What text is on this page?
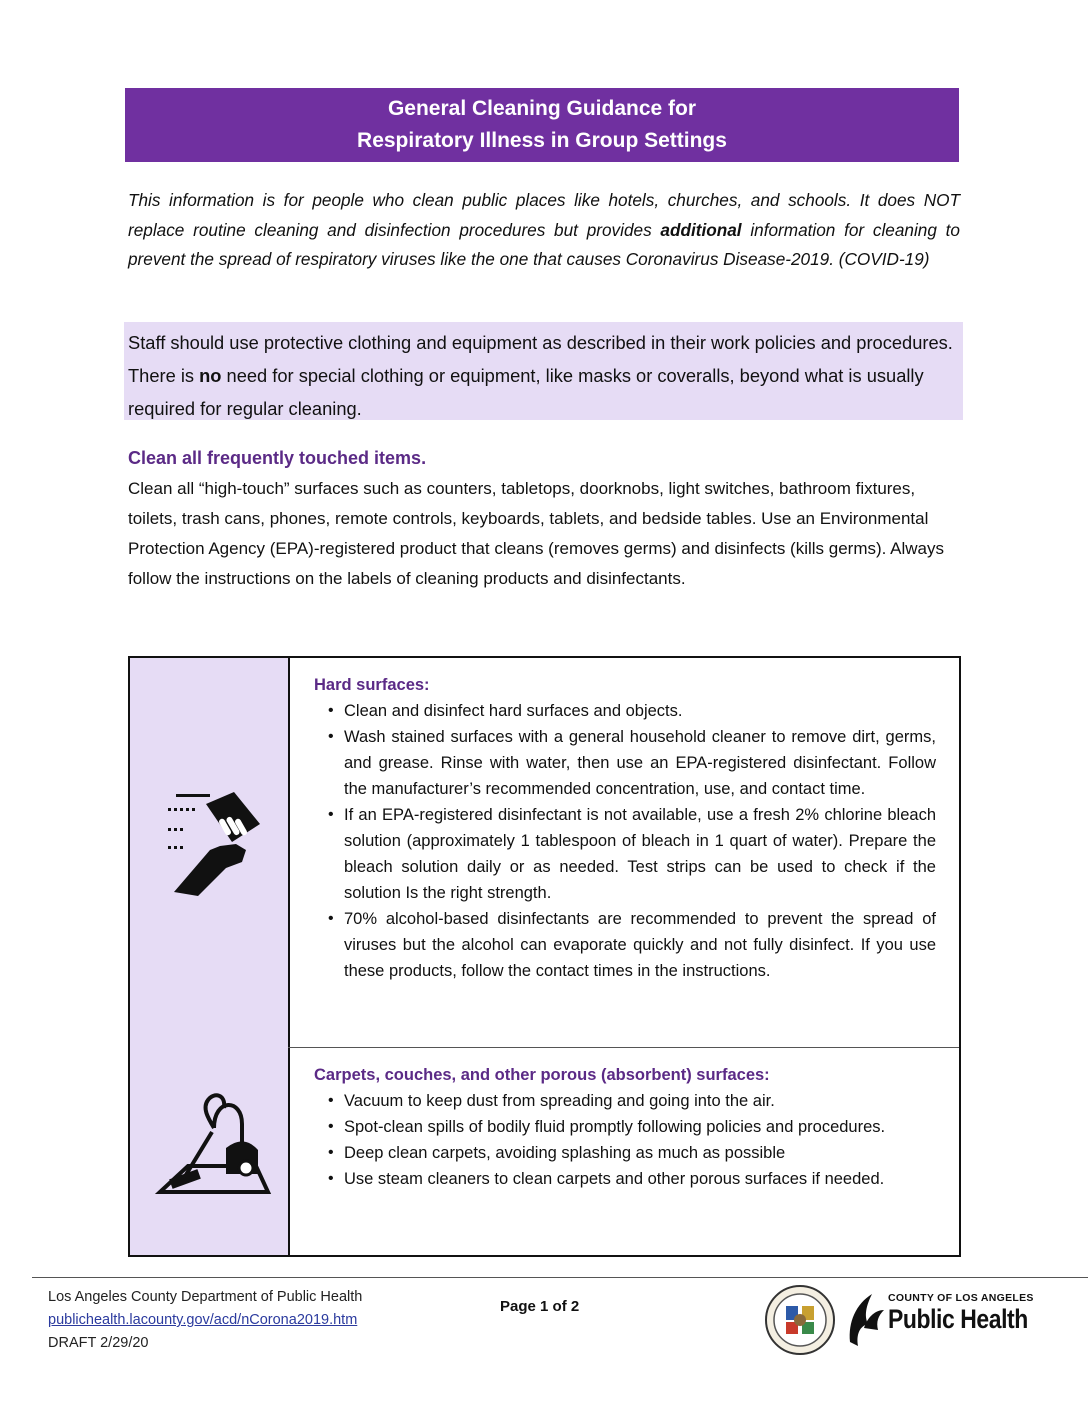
General Cleaning Guidance for
Respiratory Illness in Group Settings
This information is for people who clean public places like hotels, churches, and schools. It does NOT replace routine cleaning and disinfection procedures but provides additional information for cleaning to prevent the spread of respiratory viruses like the one that causes Coronavirus Disease-2019. (COVID-19)
Staff should use protective clothing and equipment as described in their work policies and procedures. There is no need for special clothing or equipment, like masks or coveralls, beyond what is usually required for regular cleaning.
Clean all frequently touched items.
Clean all “high-touch” surfaces such as counters, tabletops, doorknobs, light switches, bathroom fixtures, toilets, trash cans, phones, remote controls, keyboards, tablets, and bedside tables. Use an Environmental Protection Agency (EPA)-registered product that cleans (removes germs) and disinfects (kills germs). Always follow the instructions on the labels of cleaning products and disinfectants.
Hard surfaces:
• Clean and disinfect hard surfaces and objects.
• Wash stained surfaces with a general household cleaner to remove dirt, germs, and grease. Rinse with water, then use an EPA-registered disinfectant. Follow the manufacturer’s recommended concentration, use, and contact time.
• If an EPA-registered disinfectant is not available, use a fresh 2% chlorine bleach solution (approximately 1 tablespoon of bleach in 1 quart of water). Prepare the bleach solution daily or as needed. Test strips can be used to check if the solution Is the right strength.
• 70% alcohol-based disinfectants are recommended to prevent the spread of viruses but the alcohol can evaporate quickly and not fully disinfect. If you use these products, follow the contact times in the instructions.
Carpets, couches, and other porous (absorbent) surfaces:
• Vacuum to keep dust from spreading and going into the air.
• Spot-clean spills of bodily fluid promptly following policies and procedures.
• Deep clean carpets, avoiding splashing as much as possible
• Use steam cleaners to clean carpets and other porous surfaces if needed.
Los Angeles County Department of Public Health
publichealth.lacounty.gov/acd/nCorona2019.htm
DRAFT 2/29/20
Page 1 of 2	COUNTY OF LOS ANGELES
Public Health
